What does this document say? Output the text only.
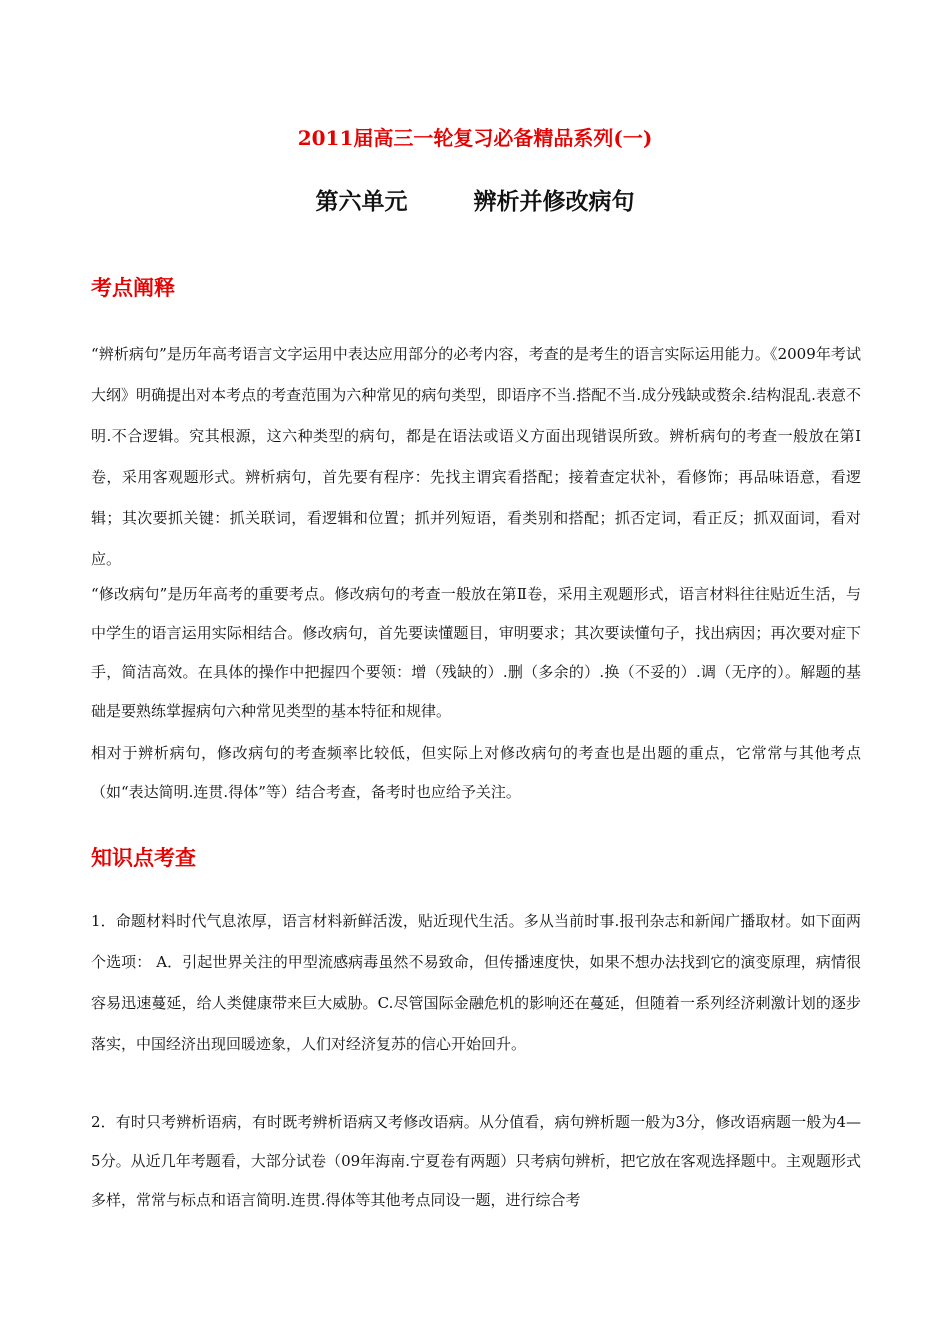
2011届高三一轮复习必备精品系列(一)
第六单元	辨析并修改病句
考点阐释
“辨析病句”是历年高考语言文字运用中表达应用部分的必考内容，考查的是考生的语言实际运用能力。《2009年考试大纲》明确提出对本考点的考查范围为六种常见的病句类型，即语序不当.搭配不当.成分残缺或赘余.结构混乱.表意不明.不合逻辑。究其根源，这六种类型的病句，都是在语法或语义方面出现错误所致。辨析病句的考查一般放在第Ⅰ卷，采用客观题形式。辨析病句，首先要有程序：先找主谓宾看搭配；接着查定状补，看修饰；再品味语意，看逻辑；其次要抓关键：抓关联词，看逻辑和位置；抓并列短语，看类别和搭配；抓否定词，看正反；抓双面词，看对应。
“修改病句”是历年高考的重要考点。修改病句的考查一般放在第Ⅱ卷，采用主观题形式，语言材料往往贴近生活，与中学生的语言运用实际相结合。修改病句，首先要读懂题目，审明要求；其次要读懂句子，找出病因；再次要对症下手，简洁高效。在具体的操作中把握四个要领：增（残缺的）.删（多余的）.换（不妥的）.调（无序的）。解题的基础是要熟练掌握病句六种常见类型的基本特征和规律。
相对于辨析病句，修改病句的考查频率比较低，但实际上对修改病句的考查也是出题的重点，它常常与其他考点（如“表达简明.连贯.得体”等）结合考查，备考时也应给予关注。
知识点考查
1．命题材料时代气息浓厚，语言材料新鲜活泼，贴近现代生活。多从当前时事.报刊杂志和新闻广播取材。如下面两个选项： A．引起世界关注的甲型流感病毒虽然不易致命，但传播速度快，如果不想办法找到它的演变原理，病情很容易迅速蔓延，给人类健康带来巨大威胁。C.尽管国际金融危机的影响还在蔓延，但随着一系列经济刺激计划的逐步落实，中国经济出现回暖迹象，人们对经济复苏的信心开始回升。
2．有时只考辨析语病，有时既考辨析语病又考修改语病。从分值看，病句辨析题一般为3分，修改语病题一般为4—5分。从近几年考题看，大部分试卷（09年海南.宁夏卷有两题）只考病句辨析，把它放在客观选择题中。主观题形式多样，常常与标点和语言简明.连贯.得体等其他考点同设一题，进行综合考
